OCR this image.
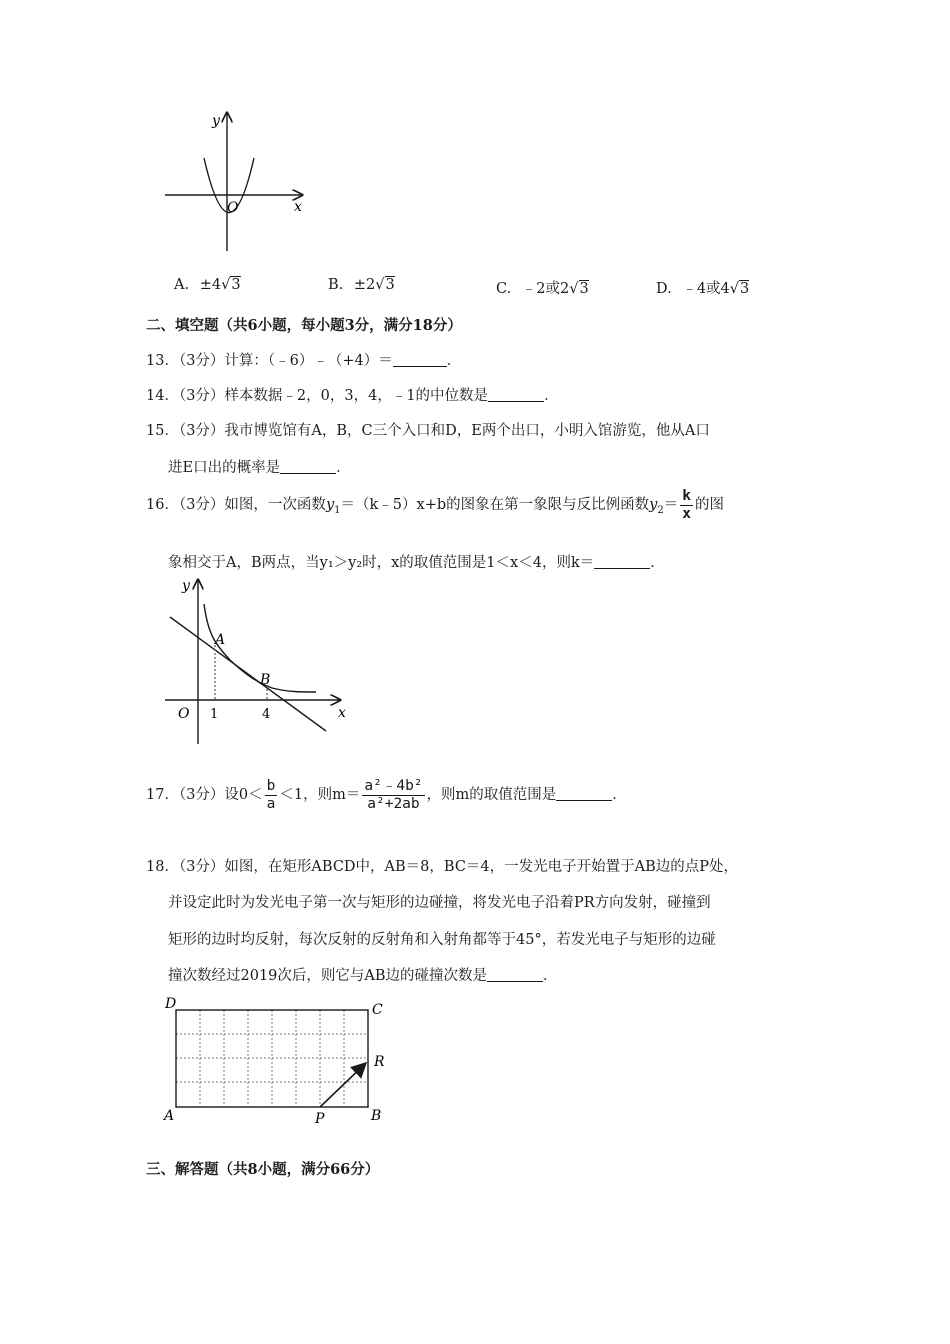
y
x
O
A. ±4√3	B. ±2√3	C. ﹣2或2√3	D. ﹣4或4√3
二、填空题（共6小题，每小题3分，满分18分）
13．（3分）计算：（﹣6）﹣（+4）＝	．
14．（3分）样本数据﹣2，0，3，4，﹣1的中位数是	．
15．（3分）我市博览馆有A，B，C三个入口和D，E两个出口，小明入馆游览，他从A口
进E口出的概率是	．
16．（3分）如图，一次函数$y_1=(k﹣5)x+b$的图象在第一象限与反比例函数$y_2= \frac{k}{x}$ 的图
象相交于A，B两点，当y₁＞y₂时，x的取值范围是1＜x＜4，则k＝	．
y
x
O
A
B
1	4
17．（3分）设$0< \frac{b}{a} <1$，则$m= \frac{\text{a²﹣4b²}}{\text{a²+2ab}}$ ，则m的取值范围是	．
18．（3分）如图，在矩形ABCD中，AB＝8，BC＝4，一发光电子开始置于AB边的点P处，
并设定此时为发光电子第一次与矩形的边碰撞，将发光电子沿着PR方向发射，碰撞到
矩形的边时均反射，每次反射的反射角和入射角都等于45°，若发光电子与矩形的边碰
撞次数经过2019次后，则它与AB边的碰撞次数是	．
D	C
A	B
P
R
三、解答题（共8小题，满分66分）
